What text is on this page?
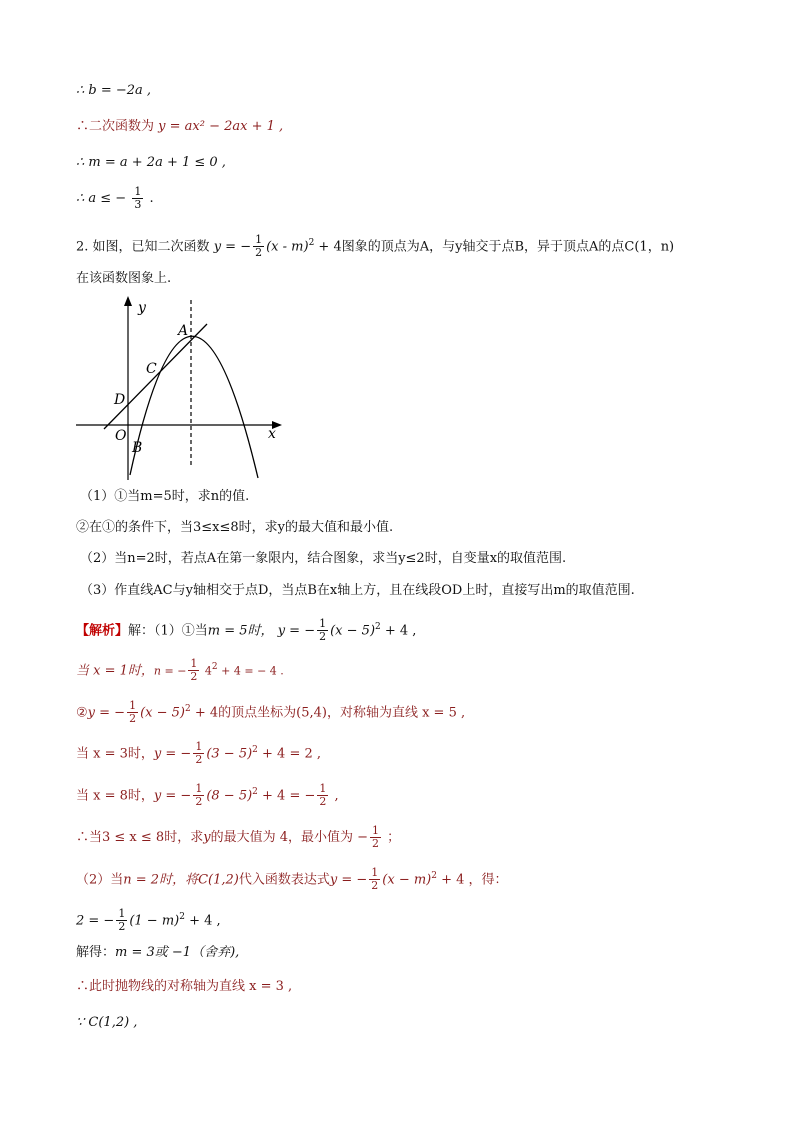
∴ b = −2a ,
∴二次函数为 y = ax² − 2ax + 1 ,
∴ m = a + 2a + 1 ≤ 0 ,
∴ a ≤ − $\frac{1}{3}$ .
2. 如图，已知二次函数 y = − $\frac{1}{2} (x - m)^2 + 4$图象的顶点为A，与y轴交于点B，异于顶点A的点C(1，n)
在该函数图象上.
y
x
A
C
D
O
B
（1）①当m=5时，求n的值.
②在①的条件下，当3≤x≤8时，求y的最大值和最小值.
（2）当n=2时，若点A在第一象限内，结合图象，求当y≤2时，自变量x的取值范围.
（3）作直线AC与y轴相交于点D，当点B在x轴上方，且在线段OD上时，直接写出m的取值范围.
【解析】解：（1）①当m = 5时， y = − $\frac{1}{2} (x - 5)^2 + 4$ ,
当 x = 1时，n = − $\frac{1}{2} 4^2 + 4$ = − 4 .
②y = − $\frac{1}{2} (x - 5)^2 + 4$的顶点坐标为(5,4)，对称轴为直线 x = 5 ,
当 x = 3时，y = − $\frac{1}{2} (3 - 5)^2 + 4 = 2$ ,
当 x = 8时，y = − $\frac{1}{2} (8 - 5)^2 + 4$ = − $\frac{1}{2}$ ,
∴当3 ≤ x ≤ 8时，求y的最大值为 4，最小值为 − $\frac{1}{2}$ ；
（2）当n = 2时，将C(1,2)代入函数表达式y = − $\frac{1}{2} (x - m)^2 + 4$ ，得：
2 = − $\frac{1}{2} (1 - m)^2 + 4$ ,
解得：m = 3或 −1（舍弃),
∴此时抛物线的对称轴为直线 x = 3 ,
∵ C(1,2) ,
